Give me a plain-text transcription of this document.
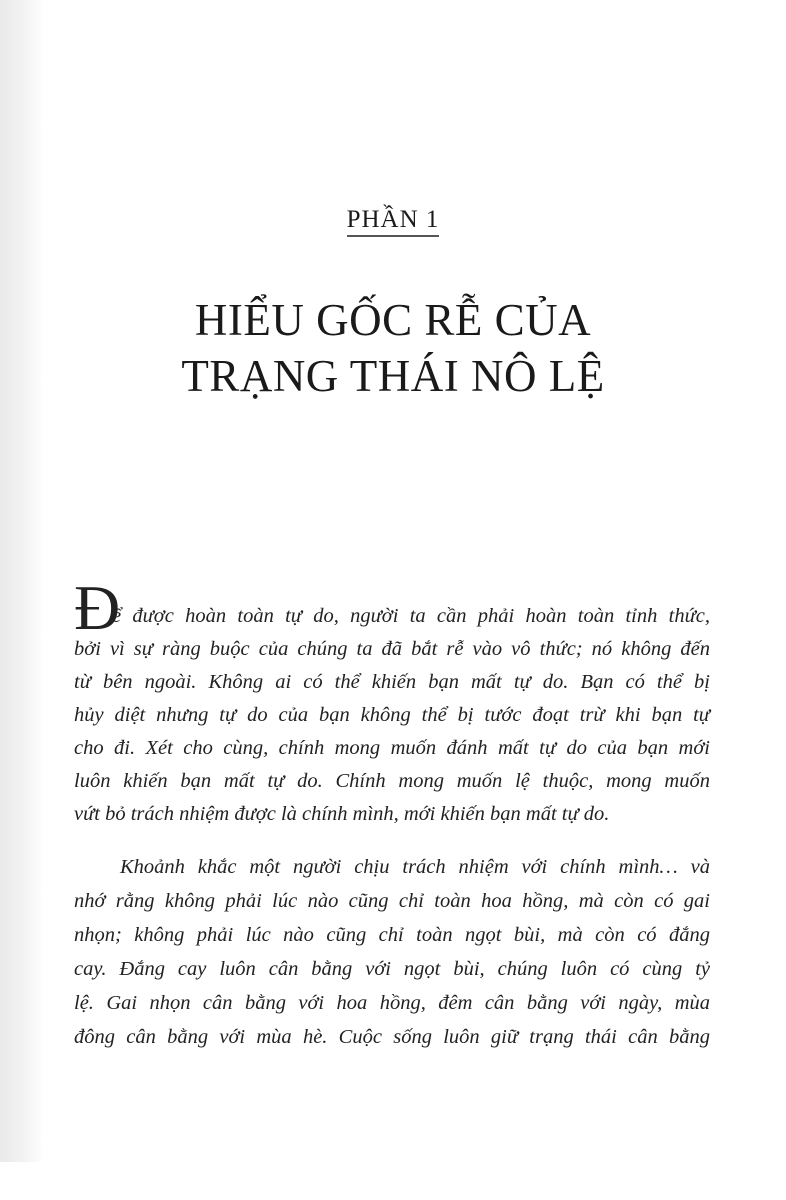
PHẦN 1
HIỂU GỐC RỄ CỦA
TRẠNG THÁI NÔ LỆ
Đ
ể được hoàn toàn tự do, người ta cần phải hoàn toàn tỉnh thức,
bởi vì sự ràng buộc của chúng ta đã bắt rễ vào vô thức; nó không đến
từ bên ngoài. Không ai có thể khiến bạn mất tự do. Bạn có thể bị
hủy diệt nhưng tự do của bạn không thể bị tước đoạt trừ khi bạn tự
cho đi. Xét cho cùng, chính mong muốn đánh mất tự do của bạn mới
luôn khiến bạn mất tự do. Chính mong muốn lệ thuộc, mong muốn
vứt bỏ trách nhiệm được là chính mình, mới khiến bạn mất tự do.
Khoảnh khắc một người chịu trách nhiệm với chính mình… và
nhớ rằng không phải lúc nào cũng chỉ toàn hoa hồng, mà còn có gai
nhọn; không phải lúc nào cũng chỉ toàn ngọt bùi, mà còn có đắng
cay. Đắng cay luôn cân bằng với ngọt bùi, chúng luôn có cùng tỷ
lệ. Gai nhọn cân bằng với hoa hồng, đêm cân bằng với ngày, mùa
đông cân bằng với mùa hè. Cuộc sống luôn giữ trạng thái cân bằng
